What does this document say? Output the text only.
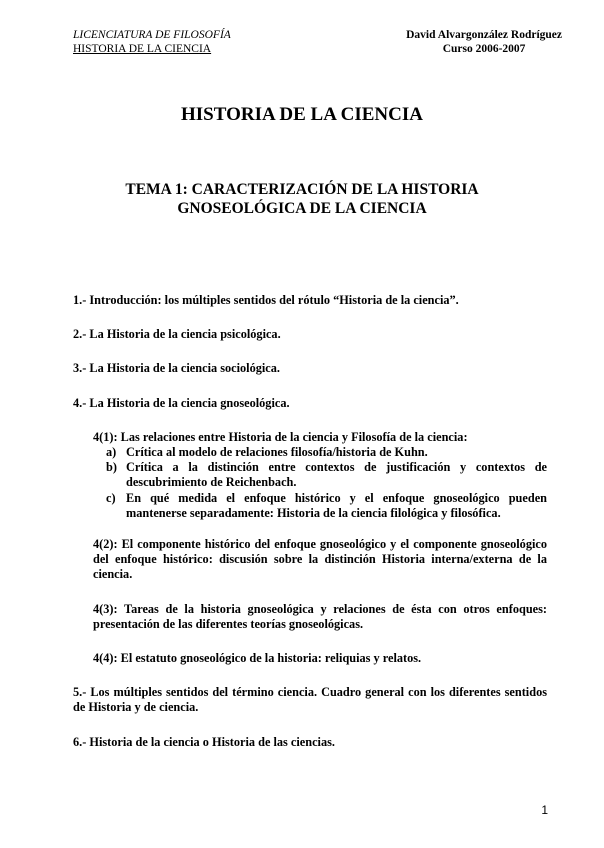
LICENCIATURA DE FILOSOFÍA
HISTORIA DE LA CIENCIA
David Alvargonzález Rodríguez
Curso 2006-2007
HISTORIA DE LA CIENCIA
TEMA 1: CARACTERIZACIÓN DE LA HISTORIA
GNOSEOLÓGICA DE LA CIENCIA
1.- Introducción: los múltiples sentidos del rótulo “Historia de la ciencia”.
2.- La Historia de la ciencia psicológica.
3.- La Historia de la ciencia sociológica.
4.- La Historia de la ciencia gnoseológica.
4(1): Las relaciones entre Historia de la ciencia y Filosofía de la ciencia:
a) Crítica al modelo de relaciones filosofía/historia de Kuhn.
b) Crítica a la distinción entre contextos de justificación y contextos de descubrimiento de Reichenbach.
c) En qué medida el enfoque histórico y el enfoque gnoseológico pueden mantenerse separadamente: Historia de la ciencia filológica y filosófica.
4(2): El componente histórico del enfoque gnoseológico y el componente gnoseológico del enfoque histórico: discusión sobre la distinción Historia interna/externa de la ciencia.
4(3): Tareas de la historia gnoseológica y relaciones de ésta con otros enfoques: presentación de las diferentes teorías gnoseológicas.
4(4): El estatuto gnoseológico de la historia: reliquias y relatos.
5.- Los múltiples sentidos del término ciencia. Cuadro general con los diferentes sentidos de Historia y de ciencia.
6.- Historia de la ciencia o Historia de las ciencias.
1
